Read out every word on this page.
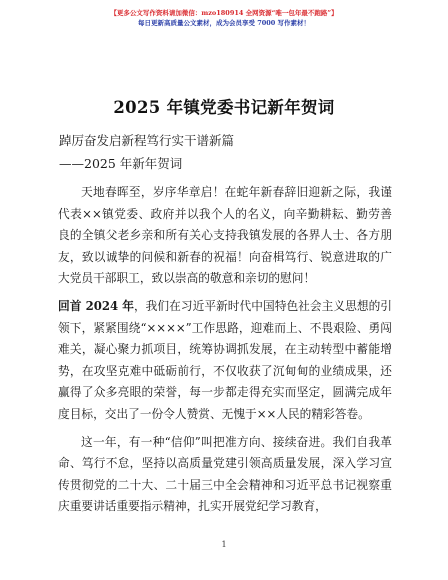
【更多公文写作资料请加微信：mzo180914 全网资源“唯一包年最不跑路”】
每日更新高质量公文素材，成为会员享受 7000 写作素材！
2025 年镇党委书记新年贺词
踔厉奋发启新程笃行实干谱新篇
——2025 年新年贺词

天地春晖至，岁序华章启！在蛇年新春辞旧迎新之际，我谨代表××镇党委、政府并以我个人的名义，向辛勤耕耘、勤劳善良的全镇父老乡亲和所有关心支持我镇发展的各界人士、各方朋友，致以诚挚的问候和新春的祝福！向奋楫笃行、锐意进取的广大党员干部职工，致以崇高的敬意和亲切的慰问！

回首 2024 年，我们在习近平新时代中国特色社会主义思想的引领下，紧紧围绕“××××”工作思路，迎难而上、不畏艰险、勇闯难关，凝心聚力抓项目，统筹协调抓发展，在主动转型中蓄能增势，在攻坚克难中砥砺前行，不仅收获了沉甸甸的业绩成果，还赢得了众多亮眼的荣誉，每一步都走得充实而坚定，圆满完成年度目标，交出了一份令人赞赏、无愧于××人民的精彩答卷。

这一年，有一种“信仰”叫把准方向、接续奋进。我们自我革命、笃行不怠，坚持以高质量党建引领高质量发展，深入学习宣传贯彻党的二十大、二十届三中全会精神和习近平总书记视察重庆重要讲话重要指示精神，扎实开展党纪学习教育，

1
